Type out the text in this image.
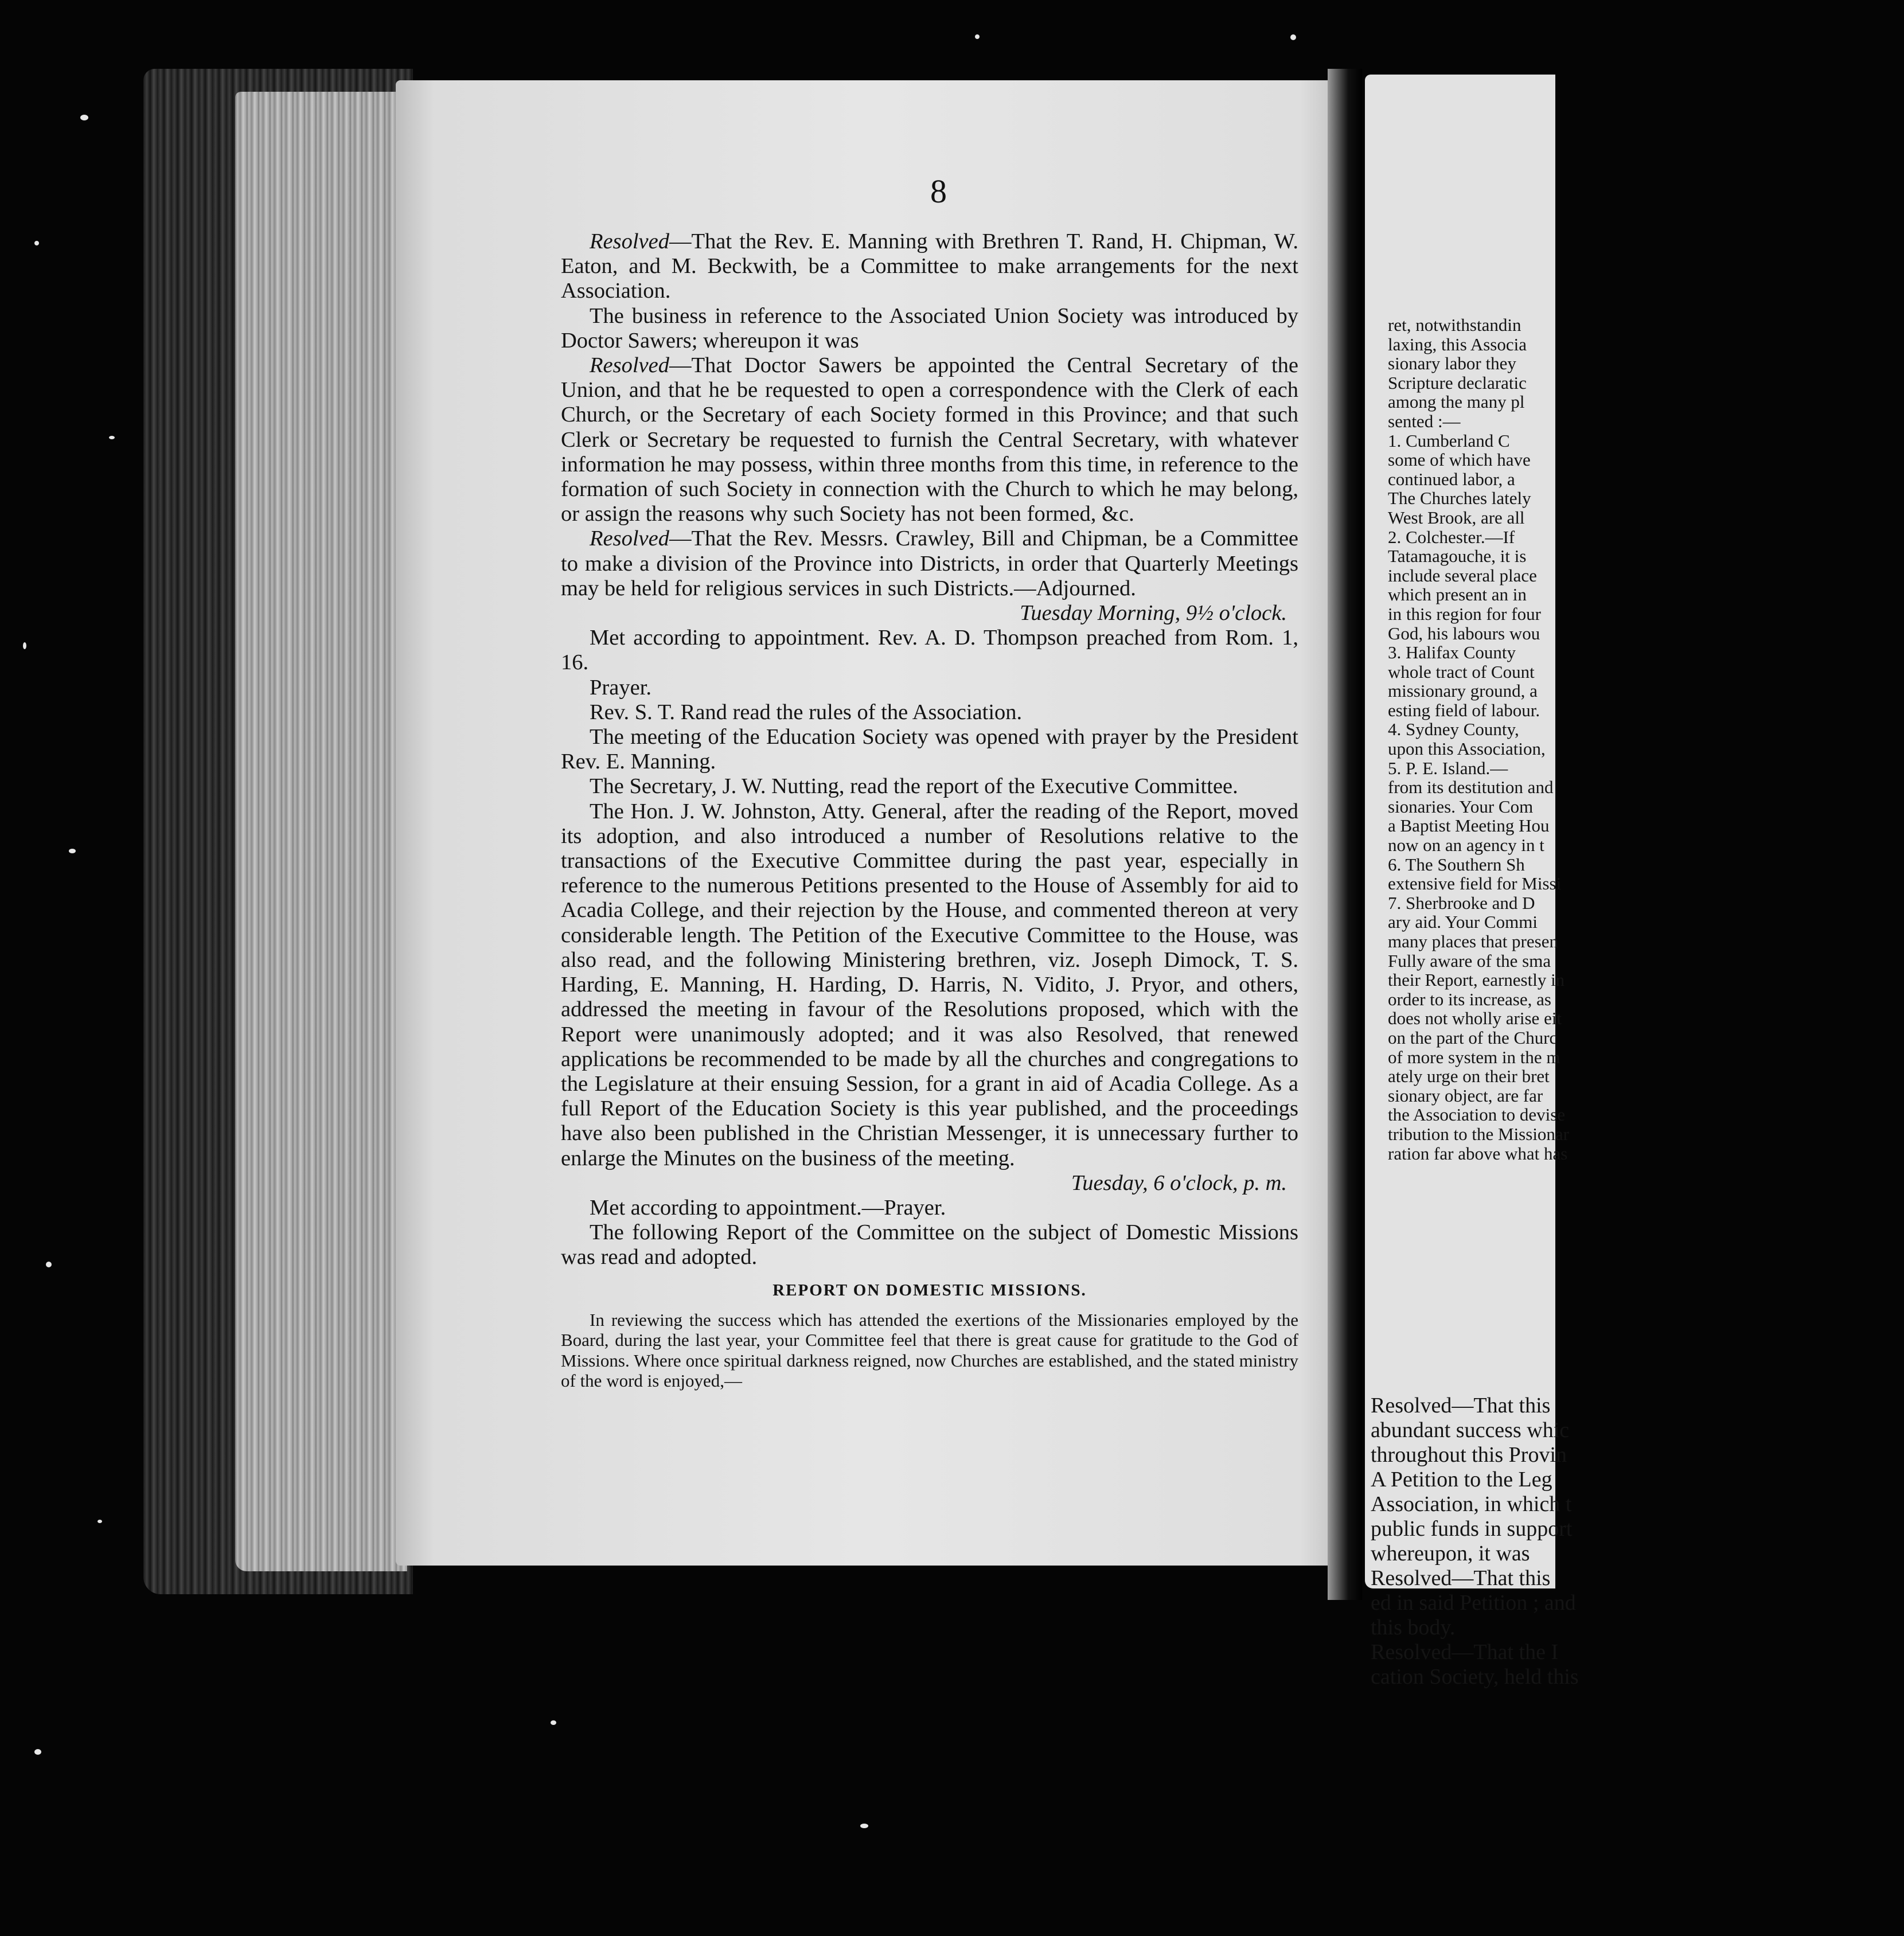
8

Resolved—That the Rev. E. Manning with Brethren T. Rand, H. Chipman, W. Eaton, and M. Beckwith, be a Committee to make arrangements for the next Association.

The business in reference to the Associated Union Society was introduced by Doctor Sawers; whereupon it was

Resolved—That Doctor Sawers be appointed the Central Secretary of the Union, and that he be requested to open a correspondence with the Clerk of each Church, or the Secretary of each Society formed in this Province; and that such Clerk or Secretary be requested to furnish the Central Secretary, with whatever information he may possess, within three months from this time, in reference to the formation of such Society in connection with the Church to which he may belong, or assign the reasons why such Society has not been formed, &c.

Resolved—That the Rev. Messrs. Crawley, Bill and Chipman, be a Committee to make a division of the Province into Districts, in order that Quarterly Meetings may be held for religious services in such Districts.—Adjourned.

Tuesday Morning, 9½ o'clock.

Met according to appointment. Rev. A. D. Thompson preached from Rom. 1, 16.

Prayer.

Rev. S. T. Rand read the rules of the Association.

The meeting of the Education Society was opened with prayer by the President Rev. E. Manning.

The Secretary, J. W. Nutting, read the report of the Executive Committee.

The Hon. J. W. Johnston, Atty. General, after the reading of the Report, moved its adoption, and also introduced a number of Resolutions relative to the transactions of the Executive Committee during the past year, especially in reference to the numerous Petitions presented to the House of Assembly for aid to Acadia College, and their rejection by the House, and commented thereon at very considerable length. The Petition of the Executive Committee to the House, was also read, and the following Ministering brethren, viz. Joseph Dimock, T. S. Harding, E. Manning, H. Harding, D. Harris, N. Vidito, J. Pryor, and others, addressed the meeting in favour of the Resolutions proposed, which with the Report were unanimously adopted; and it was also Resolved, that renewed applications be recommended to be made by all the churches and congregations to the Legislature at their ensuing Session, for a grant in aid of Acadia College. As a full Report of the Education Society is this year published, and the proceedings have also been published in the Christian Messenger, it is unnecessary further to enlarge the Minutes on the business of the meeting.

Tuesday, 6 o'clock, p. m.

Met according to appointment.—Prayer.

The following Report of the Committee on the subject of Domestic Missions was read and adopted.

REPORT ON DOMESTIC MISSIONS.

In reviewing the success which has attended the exertions of the Missionaries employed by the Board, during the last year, your Committee feel that there is great cause for gratitude to the God of Missions. Where once spiritual darkness reigned, now Churches are established, and the stated ministry of the word is enjoyed,—

ret, notwithstandin
laxing, this Associa
sionary labor they
Scripture declaratic
among the many pl
sented :—
1. Cumberland C
some of which have
continued labor, a
The Churches lately
West Brook, are all
2. Colchester.—If
Tatamagouche, it is
include several place
which present an in
in this region for four
God, his labours wou
3. Halifax County
whole tract of Count
missionary ground, a
esting field of labour.
4. Sydney County,
upon this Association,
5. P. E. Island.—
from its destitution and
sionaries. Your Com
a Baptist Meeting Hou
now on an agency in t
6. The Southern Sh
extensive field for Missi
7. Sherbrooke and D
ary aid. Your Commi
many places that presen
Fully aware of the sma
their Report, earnestly in
order to its increase, as
does not wholly arise eit
on the part of the Churc
of more system in the m
ately urge on their bret
sionary object, are far
the Association to devise
tribution to the Missionar
ration far above what has
Resolved—That this
abundant success whic
throughout this Provin
A Petition to the Leg
Association, in which t
public funds in support
whereupon, it was
Resolved—That this
ed in said Petition ; and
this body.
Resolved—That the I
cation Society, held this
